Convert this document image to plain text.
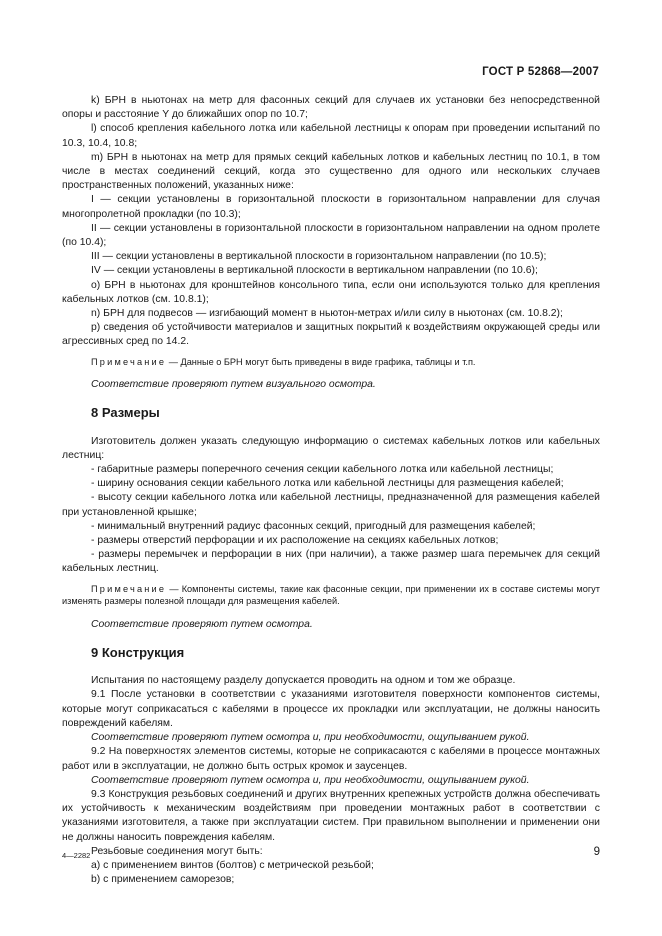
ГОСТ Р 52868—2007

k) БРН в ньютонах на метр для фасонных секций для случаев их установки без непосредственной опоры и расстояние Y до ближайших опор по 10.7;

l) способ крепления кабельного лотка или кабельной лестницы к опорам при проведении испытаний по 10.3, 10.4, 10.8;

m) БРН в ньютонах на метр для прямых секций кабельных лотков и кабельных лестниц по 10.1, в том числе в местах соединений секций, когда это существенно для одного или нескольких случаев пространственных положений, указанных ниже:

I — секции установлены в горизонтальной плоскости в горизонтальном направлении для случая многопролетной прокладки (по 10.3);

II — секции установлены в горизонтальной плоскости в горизонтальном направлении на одном пролете (по 10.4);

III — секции установлены в вертикальной плоскости в горизонтальном направлении (по 10.5);

IV — секции установлены в вертикальной плоскости в вертикальном направлении (по 10.6);

o) БРН в ньютонах для кронштейнов консольного типа, если они используются только для крепления кабельных лотков (см. 10.8.1);

n) БРН для подвесов — изгибающий момент в ньютон-метрах и/или силу в ньютонах (см. 10.8.2);

р) сведения об устойчивости материалов и защитных покрытий к воздействиям окружающей среды или агрессивных сред по 14.2.

Примечание — Данные о БРН могут быть приведены в виде графика, таблицы и т.п.

Соответствие проверяют путем визуального осмотра.

8 Размеры

Изготовитель должен указать следующую информацию о системах кабельных лотков или кабельных лестниц:

- габаритные размеры поперечного сечения секции кабельного лотка или кабельной лестницы;

- ширину основания секции кабельного лотка или кабельной лестницы для размещения кабелей;

- высоту секции кабельного лотка или кабельной лестницы, предназначенной для размещения кабелей при установленной крышке;

- минимальный внутренний радиус фасонных секций, пригодный для размещения кабелей;

- размеры отверстий перфорации и их расположение на секциях кабельных лотков;

- размеры перемычек и перфорации в них (при наличии), а также размер шага перемычек для секций кабельных лестниц.

Примечание — Компоненты системы, такие как фасонные секции, при применении их в составе системы могут изменять размеры полезной площади для размещения кабелей.

Соответствие проверяют путем осмотра.

9 Конструкция

Испытания по настоящему разделу допускается проводить на одном и том же образце.

9.1 После установки в соответствии с указаниями изготовителя поверхности компонентов системы, которые могут соприкасаться с кабелями в процессе их прокладки или эксплуатации, не должны наносить повреждений кабелям.

Соответствие проверяют путем осмотра и, при необходимости, ощупыванием рукой.

9.2 На поверхностях элементов системы, которые не соприкасаются с кабелями в процессе монтажных работ или в эксплуатации, не должно быть острых кромок и заусенцев.

Соответствие проверяют путем осмотра и, при необходимости, ощупыванием рукой.

9.3 Конструкция резьбовых соединений и других внутренних крепежных устройств должна обеспечивать их устойчивость к механическим воздействиям при проведении монтажных работ в соответствии с указаниями изготовителя, а также при эксплуатации систем. При правильном выполнении и применении они не должны наносить повреждения кабелям.

Резьбовые соединения могут быть:

а) с применением винтов (болтов) с метрической резьбой;

b) с применением саморезов;

4—2282	9
